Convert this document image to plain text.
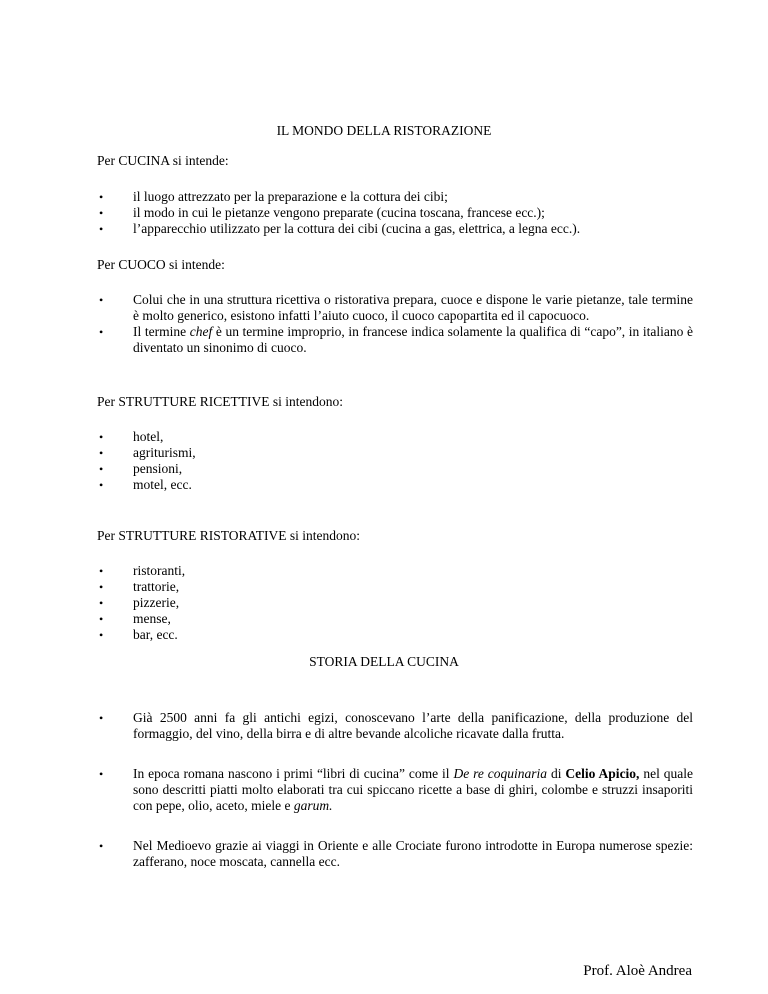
IL MONDO DELLA RISTORAZIONE
Per CUCINA si intende:
• il luogo attrezzato per la preparazione e la cottura dei cibi;
• il modo in cui le pietanze vengono preparate (cucina toscana, francese ecc.);
• l’apparecchio utilizzato per la cottura dei cibi (cucina a gas, elettrica, a legna ecc.).
Per CUOCO si intende:
• Colui che in una struttura ricettiva o ristorativa prepara, cuoce e dispone le varie pietanze, tale termine è molto generico, esistono infatti l’aiuto cuoco, il cuoco capopartita ed il capocuoco.
• Il termine chef è un termine improprio, in francese indica solamente la qualifica di “capo”, in italiano è diventato un sinonimo di cuoco.
Per STRUTTURE RICETTIVE si intendono:
• hotel,
• agriturismi,
• pensioni,
• motel, ecc.
Per STRUTTURE RISTORATIVE si intendono:
• ristoranti,
• trattorie,
• pizzerie,
• mense,
• bar, ecc.
STORIA DELLA CUCINA
• Già 2500 anni fa gli antichi egizi, conoscevano l’arte della panificazione, della produzione del formaggio, del vino, della birra e di altre bevande alcoliche ricavate dalla frutta.
• In epoca romana nascono i primi “libri di cucina” come il De re coquinaria di Celio Apicio, nel quale sono descritti piatti molto elaborati tra cui spiccano ricette a base di ghiri, colombe e struzzi insaporiti con pepe, olio, aceto, miele e garum.
• Nel Medioevo grazie ai viaggi in Oriente e alle Crociate furono introdotte in Europa numerose spezie: zafferano, noce moscata, cannella ecc.
Prof. Aloè Andrea
